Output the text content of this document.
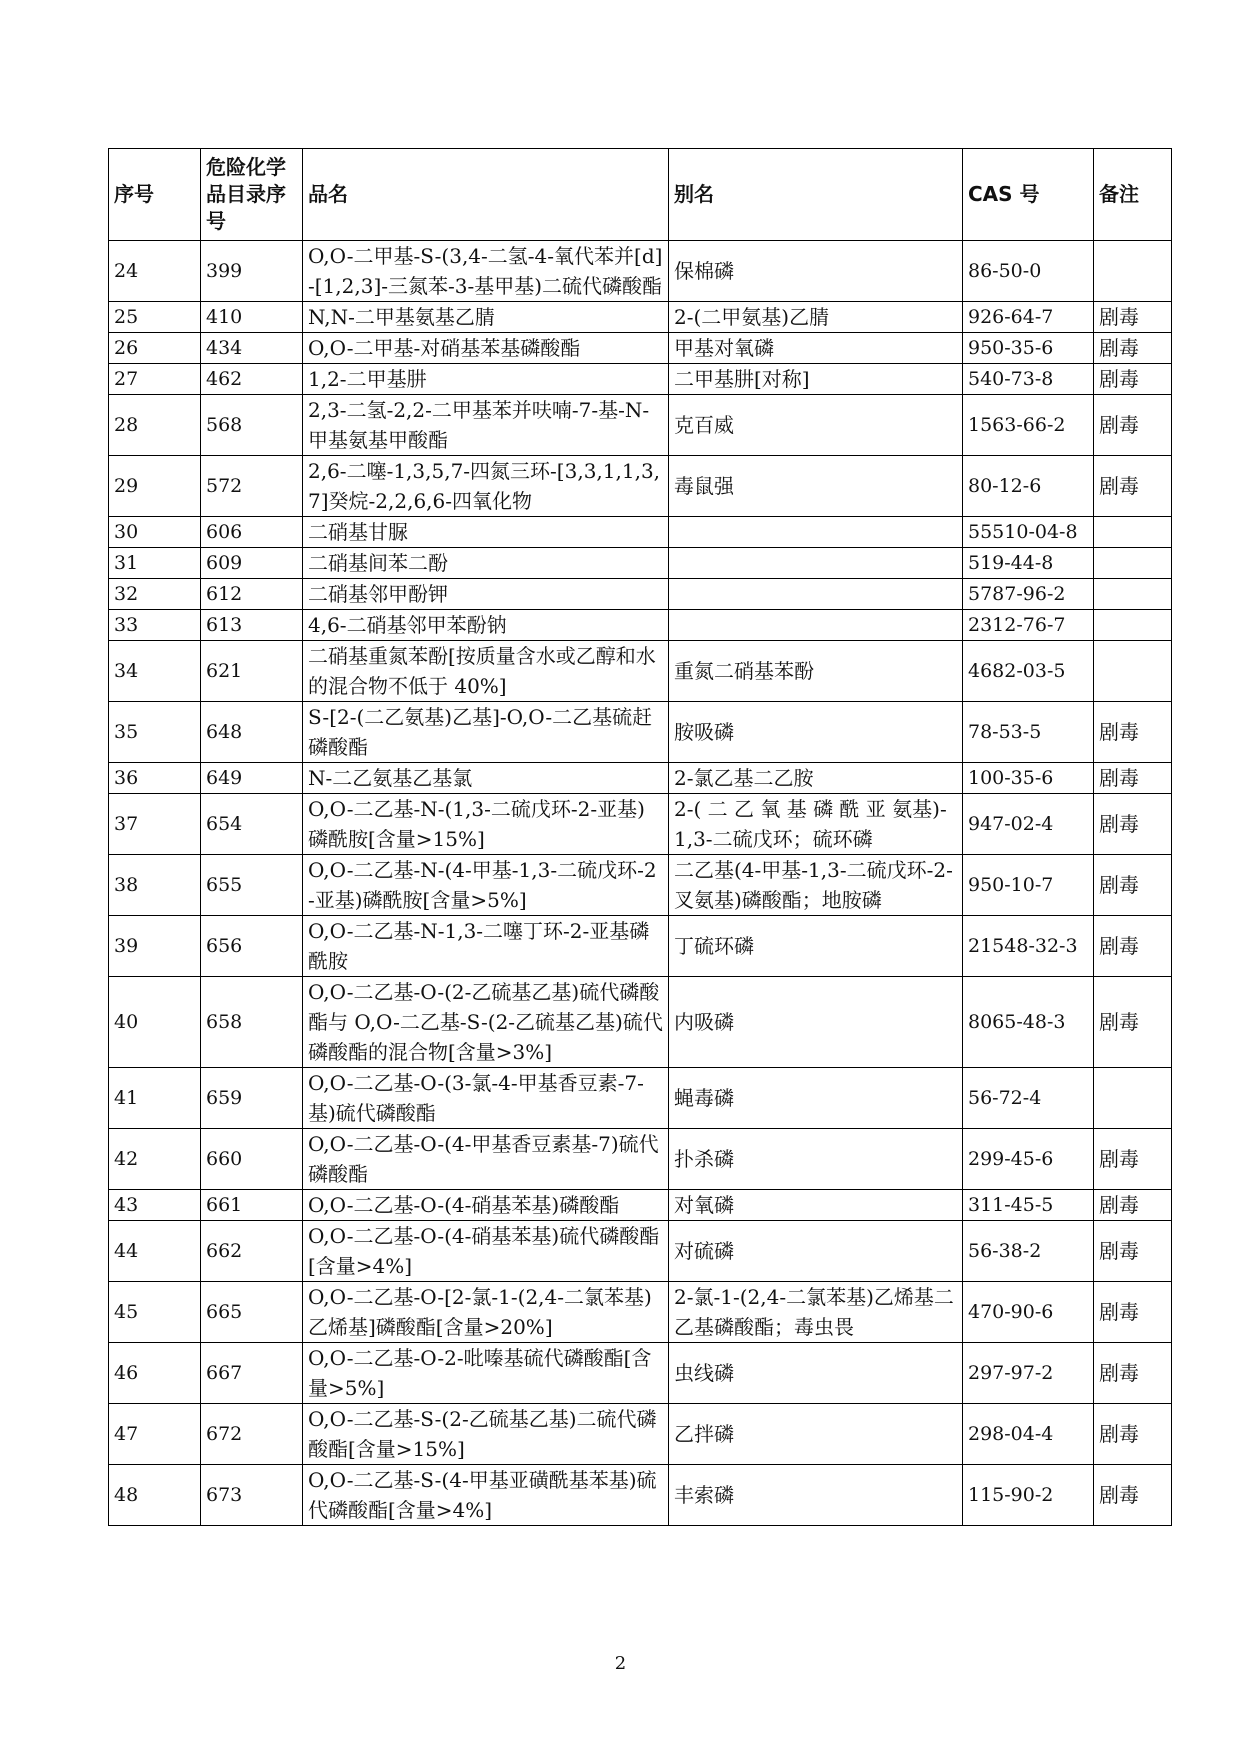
序号	危险化学品目录序号	品名	别名	CAS 号	备注
24	399	O,O-二甲基-S-(3,4-二氢-4-氧代苯并[d]-[1,2,3]-三氮苯-3-基甲基)二硫代磷酸酯	保棉磷	86-50-0	
25	410	N,N-二甲基氨基乙腈	2-(二甲氨基)乙腈	926-64-7	剧毒
26	434	O,O-二甲基-对硝基苯基磷酸酯	甲基对氧磷	950-35-6	剧毒
27	462	1,2-二甲基肼	二甲基肼[对称]	540-73-8	剧毒
28	568	2,3-二氢-2,2-二甲基苯并呋喃-7-基-N-甲基氨基甲酸酯	克百威	1563-66-2	剧毒
29	572	2,6-二噻-1,3,5,7-四氮三环-[3,3,1,1,3,7]癸烷-2,2,6,6-四氧化物	毒鼠强	80-12-6	剧毒
30	606	二硝基甘脲		55510-04-8	
31	609	二硝基间苯二酚		519-44-8	
32	612	二硝基邻甲酚钾		5787-96-2	
33	613	4,6-二硝基邻甲苯酚钠		2312-76-7	
34	621	二硝基重氮苯酚[按质量含水或乙醇和水的混合物不低于 40%]	重氮二硝基苯酚	4682-03-5	
35	648	S-[2-(二乙氨基)乙基]-O,O-二乙基硫赶磷酸酯	胺吸磷	78-53-5	剧毒
36	649	N-二乙氨基乙基氯	2-氯乙基二乙胺	100-35-6	剧毒
37	654	O,O-二乙基-N-(1,3-二硫戊环-2-亚基)磷酰胺[含量>15%]	2-( 二 乙 氧 基 磷 酰 亚 氨基)-1,3-二硫戊环；硫环磷	947-02-4	剧毒
38	655	O,O-二乙基-N-(4-甲基-1,3-二硫戊环-2-亚基)磷酰胺[含量>5%]	二乙基(4-甲基-1,3-二硫戊环-2-叉氨基)磷酸酯；地胺磷	950-10-7	剧毒
39	656	O,O-二乙基-N-1,3-二噻丁环-2-亚基磷酰胺	丁硫环磷	21548-32-3	剧毒
40	658	O,O-二乙基-O-(2-乙硫基乙基)硫代磷酸酯与 O,O-二乙基-S-(2-乙硫基乙基)硫代磷酸酯的混合物[含量>3%]	内吸磷	8065-48-3	剧毒
41	659	O,O-二乙基-O-(3-氯-4-甲基香豆素-7-基)硫代磷酸酯	蝇毒磷	56-72-4	
42	660	O,O-二乙基-O-(4-甲基香豆素基-7)硫代磷酸酯	扑杀磷	299-45-6	剧毒
43	661	O,O-二乙基-O-(4-硝基苯基)磷酸酯	对氧磷	311-45-5	剧毒
44	662	O,O-二乙基-O-(4-硝基苯基)硫代磷酸酯[含量>4%]	对硫磷	56-38-2	剧毒
45	665	O,O-二乙基-O-[2-氯-1-(2,4-二氯苯基)乙烯基]磷酸酯[含量>20%]	2-氯-1-(2,4-二氯苯基)乙烯基二乙基磷酸酯；毒虫畏	470-90-6	剧毒
46	667	O,O-二乙基-O-2-吡嗪基硫代磷酸酯[含量>5%]	虫线磷	297-97-2	剧毒
47	672	O,O-二乙基-S-(2-乙硫基乙基)二硫代磷酸酯[含量>15%]	乙拌磷	298-04-4	剧毒
48	673	O,O-二乙基-S-(4-甲基亚磺酰基苯基)硫代磷酸酯[含量>4%]	丰索磷	115-90-2	剧毒
2
